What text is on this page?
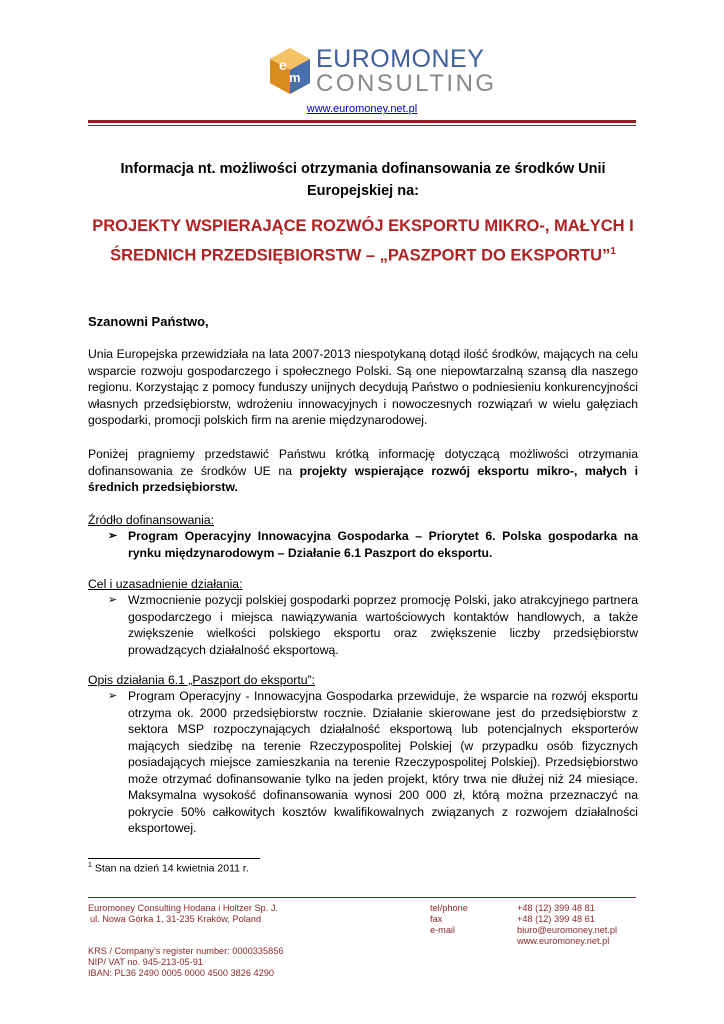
e
m
EUROMONEY
CONSULTING
www.euromoney.net.pl
Informacja nt. możliwości otrzymania dofinansowania ze środków Unii Europejskiej na:
PROJEKTY WSPIERAJĄCE ROZWÓJ EKSPORTU MIKRO-, MAŁYCH I ŚREDNICH PRZEDSIĘBIORSTW – „PASZPORT DO EKSPORTU”$^1$
Szanowni Państwo,
Unia Europejska przewidziała na lata 2007-2013 niespotykaną dotąd ilość środków, mających na celu wsparcie rozwoju gospodarczego i społecznego Polski. Są one niepowtarzalną szansą dla naszego regionu. Korzystając z pomocy funduszy unijnych decydują Państwo o podniesieniu konkurencyjności własnych przedsiębiorstw, wdrożeniu innowacyjnych i nowoczesnych rozwiązań w wielu gałęziach gospodarki, promocji polskich firm na arenie międzynarodowej.
Poniżej pragniemy przedstawić Państwu krótką informację dotyczącą możliwości otrzymania dofinansowania ze środków UE na projekty wspierające rozwój eksportu mikro-, małych i średnich przedsiębiorstw.
Źródło dofinansowania:
➢ Program Operacyjny Innowacyjna Gospodarka – Priorytet 6. Polska gospodarka na rynku międzynarodowym – Działanie 6.1 Paszport do eksportu.
Cel i uzasadnienie działania:
➢ Wzmocnienie pozycji polskiej gospodarki poprzez promocję Polski, jako atrakcyjnego partnera gospodarczego i miejsca nawiązywania wartościowych kontaktów handlowych, a także zwiększenie wielkości polskiego eksportu oraz zwiększenie liczby przedsiębiorstw prowadzących działalność eksportową.
Opis działania 6.1 „Paszport do eksportu”:
➢ Program Operacyjny - Innowacyjna Gospodarka przewiduje, że wsparcie na rozwój eksportu otrzyma ok. 2000 przedsiębiorstw rocznie. Działanie skierowane jest do przedsiębiorstw z sektora MSP rozpoczynających działalność eksportową lub potencjalnych eksporterów mających siedzibę na terenie Rzeczypospolitej Polskiej (w przypadku osób fizycznych posiadających miejsce zamieszkania na terenie Rzeczypospolitej Polskiej). Przedsiębiorstwo może otrzymać dofinansowanie tylko na jeden projekt, który trwa nie dłużej niż 24 miesiące. Maksymalna wysokość dofinansowania wynosi 200 000 zł, którą można przeznaczyć na pokrycie 50% całkowitych kosztów kwalifikowalnych związanych z rozwojem działalności eksportowej.
$^1$ Stan na dzień 14 kwietnia 2011 r.
Euromoney Consulting Hodana i Holtzer Sp. J.
ul. Nowa Górka 1, 31-235 Kraków, Poland
tel/phone
fax
e-mail
+48 (12) 399 48 81
+48 (12) 399 48 61
biuro@euromoney.net.pl
www.euromoney.net.pl
KRS / Company’s register number: 0000335856
NIP/ VAT no. 945-213-05-91
IBAN: PL36 2490 0005 0000 4500 3826 4290
